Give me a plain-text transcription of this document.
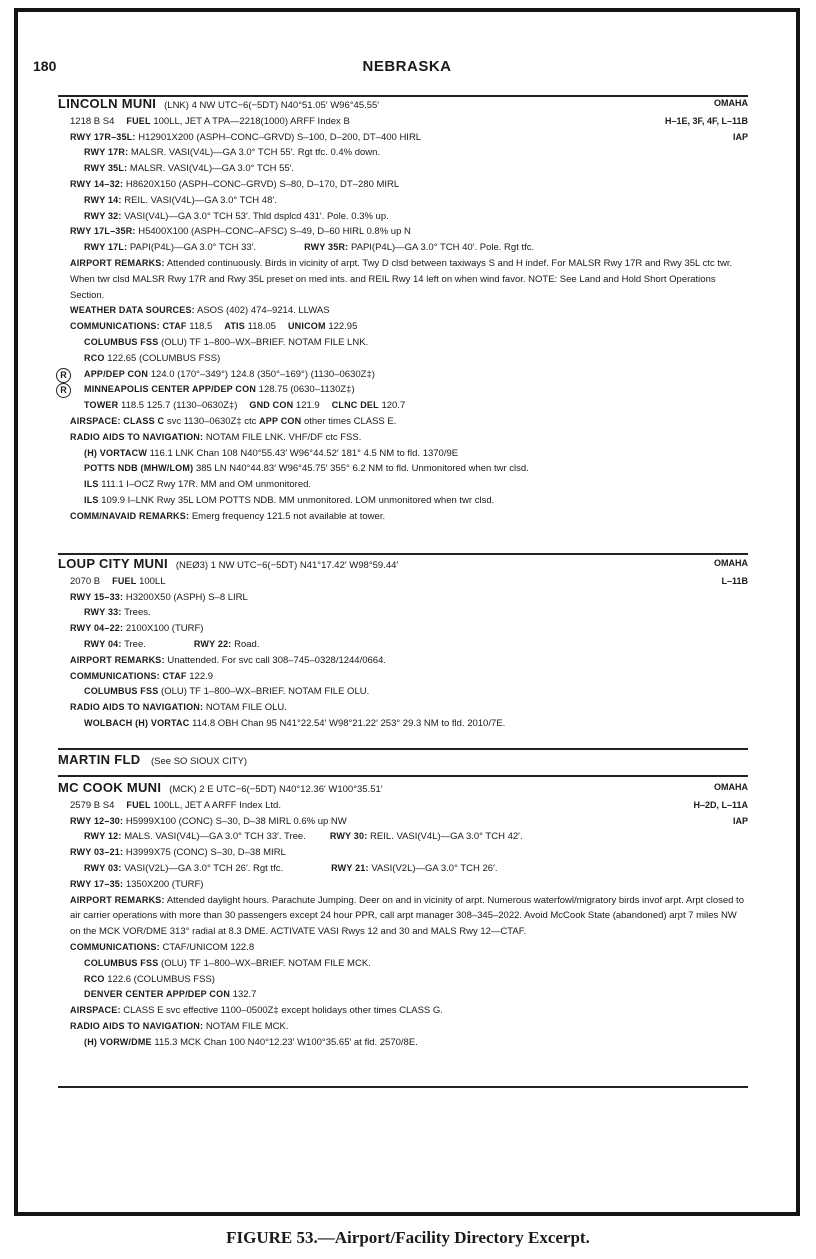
180	NEBRASKA
LINCOLN MUNI (LNK) 4 NW UTC−6(−5DT) N40°51.05′ W96°45.55′	OMAHA
1218 B S4 FUEL 100LL, JET A TPA—2218(1000) ARFF Index B	H–1E, 3F, 4F, L–11B
RWY 17R–35L: H12901X200 (ASPH–CONC–GRVD) S–100, D–200, DT–400 HIRL	IAP
RWY 17R: MALSR. VASI(V4L)—GA 3.0° TCH 55′. Rgt tfc. 0.4% down.
RWY 35L: MALSR. VASI(V4L)—GA 3.0° TCH 55′.
RWY 14–32: H8620X150 (ASPH–CONC–GRVD) S–80, D–170, DT–280 MIRL
RWY 14: REIL. VASI(V4L)—GA 3.0° TCH 48′.
RWY 32: VASI(V4L)—GA 3.0° TCH 53′. Thld dsplcd 431′. Pole. 0.3% up.
RWY 17L–35R: H5400X100 (ASPH–CONC–AFSC) S–49, D–60 HIRL 0.8% up N
RWY 17L: PAPI(P4L)—GA 3.0° TCH 33′.	RWY 35R: PAPI(P4L)—GA 3.0° TCH 40′. Pole. Rgt tfc.
AIRPORT REMARKS: Attended continuously. Birds in vicinity of arpt. Twy D clsd between taxiways S and H indef. For MALSR Rwy 17R and Rwy 35L ctc twr. When twr clsd MALSR Rwy 17R and Rwy 35L preset on med ints. and REIL Rwy 14 left on when wind favor. NOTE: See Land and Hold Short Operations Section.
WEATHER DATA SOURCES: ASOS (402) 474–9214. LLWAS
COMMUNICATIONS: CTAF 118.5 ATIS 118.05 UNICOM 122.95
COLUMBUS FSS (OLU) TF 1–800–WX–BRIEF. NOTAM FILE LNK.
RCO 122.65 (COLUMBUS FSS)
R	APP/DEP CON 124.0 (170°–349°) 124.8 (350°–169°) (1130–0630Z‡)
R	MINNEAPOLIS CENTER APP/DEP CON 128.75 (0630–1130Z‡)
TOWER 118.5 125.7 (1130–0630Z‡) GND CON 121.9 CLNC DEL 120.7
AIRSPACE: CLASS C svc 1130–0630Z‡ ctc APP CON other times CLASS E.
RADIO AIDS TO NAVIGATION: NOTAM FILE LNK. VHF/DF ctc FSS.
(H) VORTACW 116.1 LNK Chan 108 N40°55.43′ W96°44.52′ 181° 4.5 NM to fld. 1370/9E
POTTS NDB (MHW/LOM) 385 LN N40°44.83′ W96°45.75′ 355° 6.2 NM to fld. Unmonitored when twr clsd.
ILS 111.1 I–OCZ Rwy 17R. MM and OM unmonitored.
ILS 109.9 I–LNK Rwy 35L LOM POTTS NDB. MM unmonitored. LOM unmonitored when twr clsd.
COMM/NAVAID REMARKS: Emerg frequency 121.5 not available at tower.
LOUP CITY MUNI (NEØ3) 1 NW UTC−6(−5DT) N41°17.42′ W98°59.44′	OMAHA
2070 B FUEL 100LL	L–11B
RWY 15–33: H3200X50 (ASPH) S–8 LIRL
RWY 33: Trees.
RWY 04–22: 2100X100 (TURF)
RWY 04: Tree.	RWY 22: Road.
AIRPORT REMARKS: Unattended. For svc call 308–745–0328/1244/0664.
COMMUNICATIONS: CTAF 122.9
COLUMBUS FSS (OLU) TF 1–800–WX–BRIEF. NOTAM FILE OLU.
RADIO AIDS TO NAVIGATION: NOTAM FILE OLU.
WOLBACH (H) VORTAC 114.8 OBH Chan 95 N41°22.54′ W98°21.22′ 253° 29.3 NM to fld. 2010/7E.
MARTIN FLD (See SO SIOUX CITY)
MC COOK MUNI (MCK) 2 E UTC−6(−5DT) N40°12.36′ W100°35.51′	OMAHA
2579 B S4 FUEL 100LL, JET A ARFF Index Ltd.	H–2D, L–11A
RWY 12–30: H5999X100 (CONC) S–30, D–38 MIRL 0.6% up NW	IAP
RWY 12: MALS. VASI(V4L)—GA 3.0° TCH 33′. Tree.	RWY 30: REIL. VASI(V4L)—GA 3.0° TCH 42′.
RWY 03–21: H3999X75 (CONC) S–30, D–38 MIRL
RWY 03: VASI(V2L)—GA 3.0° TCH 26′. Rgt tfc.	RWY 21: VASI(V2L)—GA 3.0° TCH 26′.
RWY 17–35: 1350X200 (TURF)
AIRPORT REMARKS: Attended daylight hours. Parachute Jumping. Deer on and in vicinity of arpt. Numerous waterfowl/migratory birds invof arpt. Arpt closed to air carrier operations with more than 30 passengers except 24 hour PPR, call arpt manager 308–345–2022. Avoid McCook State (abandoned) arpt 7 miles NW on the MCK VOR/DME 313° radial at 8.3 DME. ACTIVATE VASI Rwys 12 and 30 and MALS Rwy 12—CTAF.
COMMUNICATIONS: CTAF/UNICOM 122.8
COLUMBUS FSS (OLU) TF 1–800–WX–BRIEF. NOTAM FILE MCK.
RCO 122.6 (COLUMBUS FSS)
DENVER CENTER APP/DEP CON 132.7
AIRSPACE: CLASS E svc effective 1100–0500Z‡ except holidays other times CLASS G.
RADIO AIDS TO NAVIGATION: NOTAM FILE MCK.
(H) VORW/DME 115.3 MCK Chan 100 N40°12.23′ W100°35.65′ at fld. 2570/8E.
FIGURE 53.—Airport/Facility Directory Excerpt.
